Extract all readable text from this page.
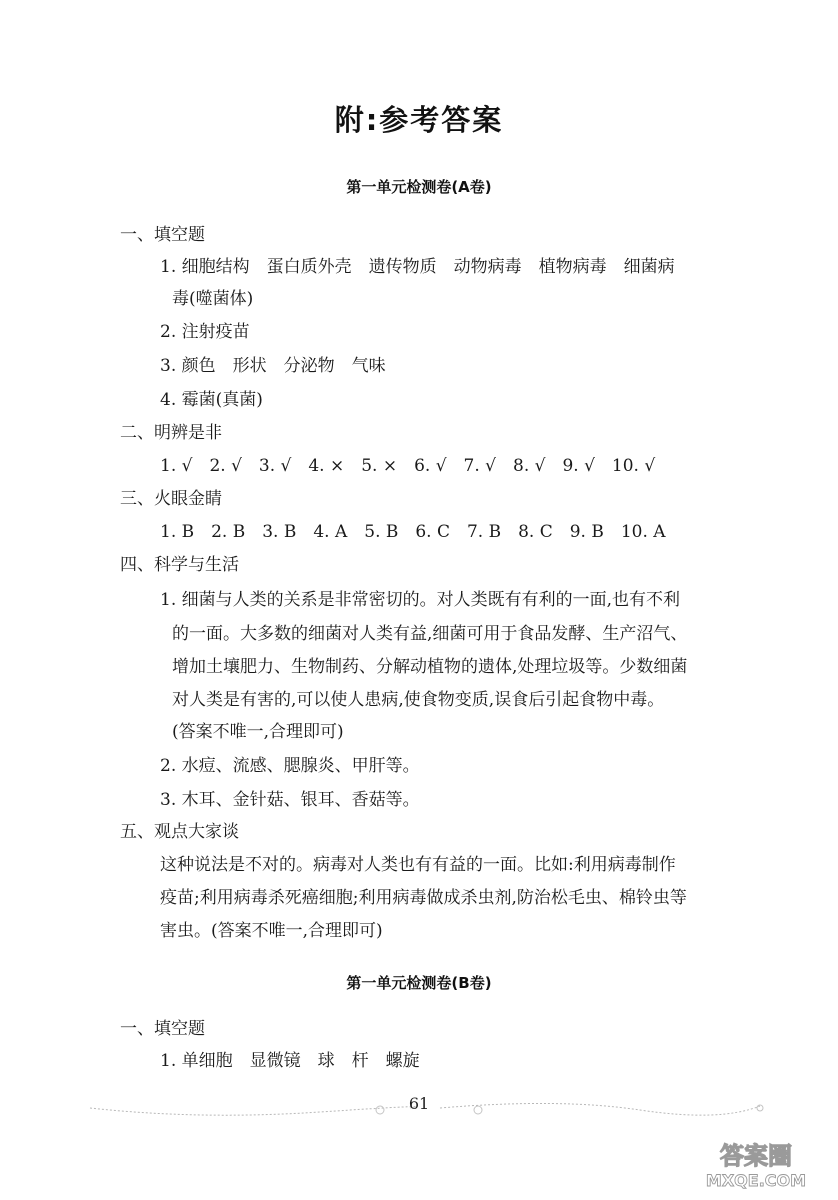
附:参考答案
第一单元检测卷(A卷)
一、填空题
1. 细胞结构　蛋白质外壳　遗传物质　动物病毒　植物病毒　细菌病
毒(噬菌体)
2. 注射疫苗
3. 颜色　形状　分泌物　气味
4. 霉菌(真菌)
二、明辨是非
1. √　2. √　3. √　4. ×　5. ×　6. √　7. √　8. √　9. √　10. √
三、火眼金睛
1. B　2. B　3. B　4. A　5. B　6. C　7. B　8. C　9. B　10. A
四、科学与生活
1. 细菌与人类的关系是非常密切的。对人类既有有利的一面,也有不利
的一面。大多数的细菌对人类有益,细菌可用于食品发酵、生产沼气、
增加土壤肥力、生物制药、分解动植物的遗体,处理垃圾等。少数细菌
对人类是有害的,可以使人患病,使食物变质,误食后引起食物中毒。
(答案不唯一,合理即可)
2. 水痘、流感、腮腺炎、甲肝等。
3. 木耳、金针菇、银耳、香菇等。
五、观点大家谈
这种说法是不对的。病毒对人类也有有益的一面。比如:利用病毒制作
疫苗;利用病毒杀死癌细胞;利用病毒做成杀虫剂,防治松毛虫、棉铃虫等
害虫。(答案不唯一,合理即可)
第一单元检测卷(B卷)
一、填空题
1. 单细胞　显微镜　球　杆　螺旋
61
答案圈
MXQE.COM
